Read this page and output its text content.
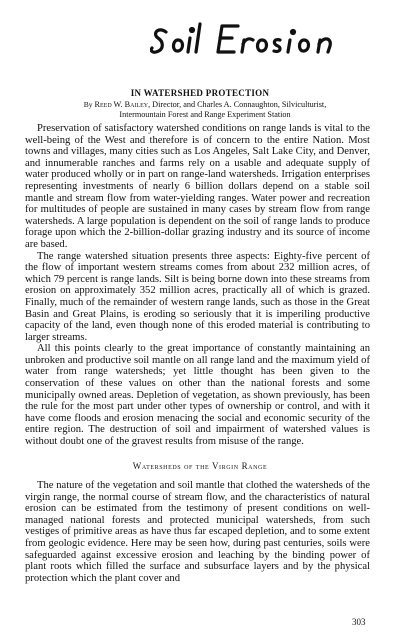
IN WATERSHED PROTECTION
By Reed W. Bailey, Director, and Charles A. Connaughton, Silviculturist,
Intermountain Forest and Range Experiment Station

Preservation of satisfactory watershed conditions on range lands is vital to the well-being of the West and therefore is of concern to the entire Nation. Most towns and villages, many cities such as Los Angeles, Salt Lake City, and Denver, and innumerable ranches and farms rely on a usable and adequate supply of water produced wholly or in part on range-land watersheds. Irrigation enterprises representing investments of nearly 6 billion dollars depend on a stable soil mantle and stream flow from water-yielding ranges. Water power and recreation for multitudes of people are sustained in many cases by stream flow from range watersheds. A large population is dependent on the soil of range lands to produce forage upon which the 2-billion-dollar grazing industry and its source of income are based.

The range watershed situation presents three aspects: Eighty-five percent of the flow of important western streams comes from about 232 million acres, of which 79 percent is range lands. Silt is being borne down into these streams from erosion on approximately 352 million acres, practically all of which is grazed. Finally, much of the remainder of western range lands, such as those in the Great Basin and Great Plains, is eroding so seriously that it is imperiling productive capacity of the land, even though none of this eroded material is contributing to larger streams.

All this points clearly to the great importance of constantly maintaining an unbroken and productive soil mantle on all range land and the maximum yield of water from range watersheds; yet little thought has been given to the conservation of these values on other than the national forests and some municipally owned areas. Depletion of vegetation, as shown previously, has been the rule for the most part under other types of ownership or control, and with it have come floods and erosion menacing the social and economic security of the entire region. The destruction of soil and impairment of watershed values is without doubt one of the gravest results from misuse of the range.

Watersheds of the Virgin Range

The nature of the vegetation and soil mantle that clothed the watersheds of the virgin range, the normal course of stream flow, and the characteristics of natural erosion can be estimated from the testimony of present conditions on well-managed national forests and protected municipal watersheds, from such vestiges of primitive areas as have thus far escaped depletion, and to some extent from geologic evidence. Here may be seen how, during past centuries, soils were safeguarded against excessive erosion and leaching by the binding power of plant roots which filled the surface and subsurface layers and by the physical protection which the plant cover and

303
